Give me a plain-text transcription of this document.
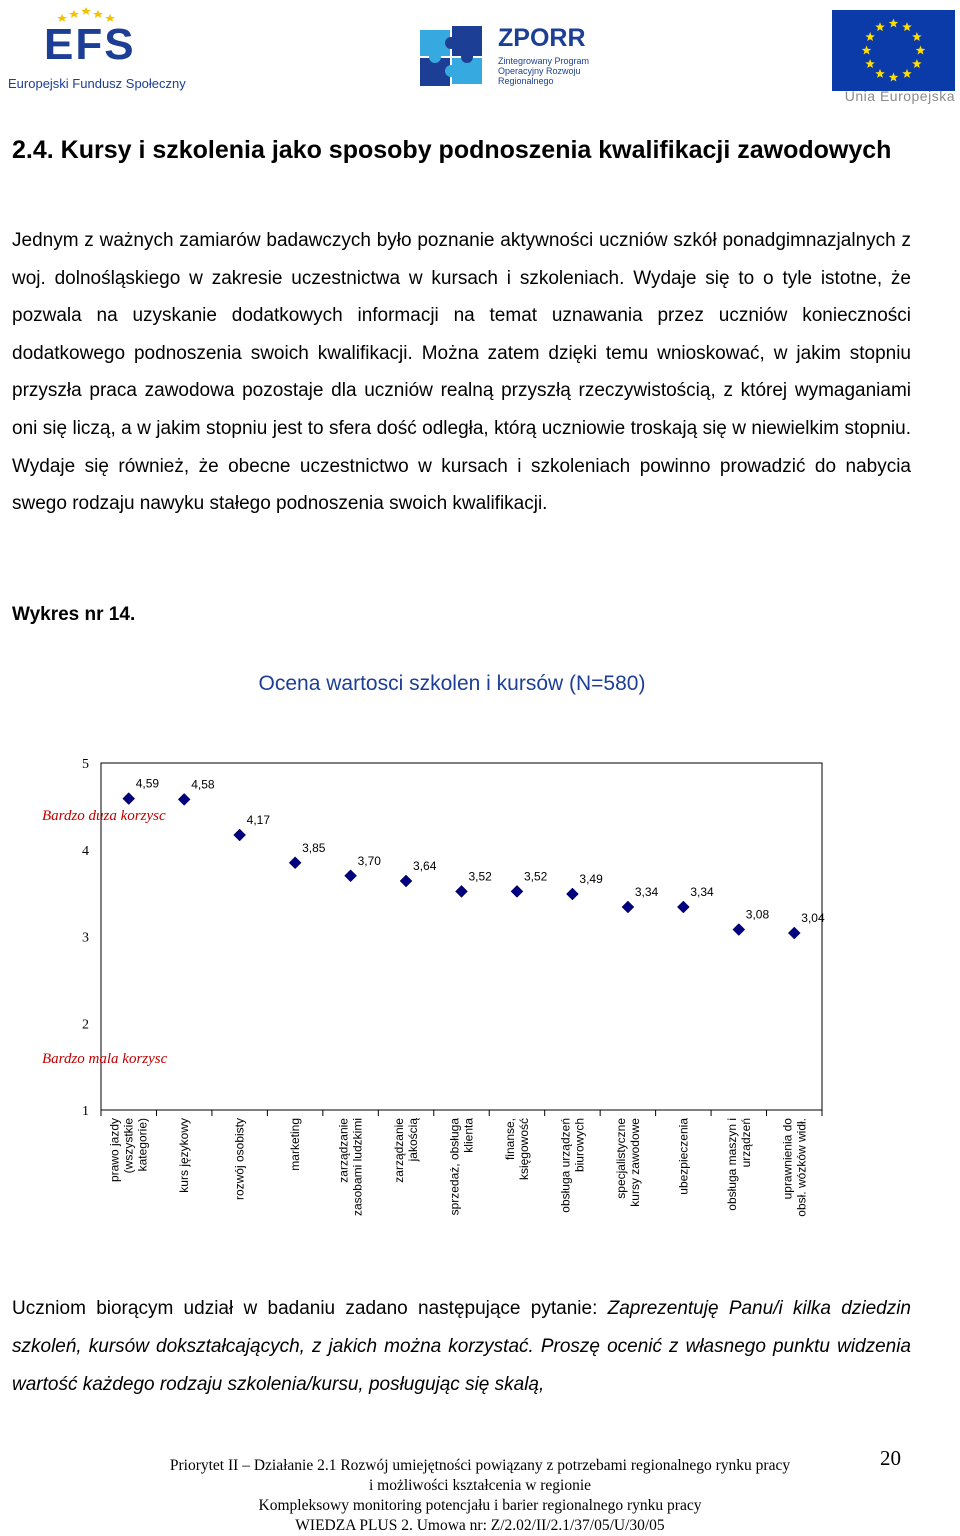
EFS
Europejski Fundusz Społeczny
ZPORR
Zintegrowany Program Operacyjny Rozwoju Regionalnego
Unia Europejska
2.4. Kursy i szkolenia jako sposoby podnoszenia kwalifikacji zawodowych
Jednym z ważnych zamiarów badawczych było poznanie aktywności uczniów szkół ponadgimnazjalnych z woj. dolnośląskiego w zakresie uczestnictwa w kursach i szkoleniach. Wydaje się to o tyle istotne, że pozwala na uzyskanie dodatkowych informacji na temat uznawania przez uczniów konieczności dodatkowego podnoszenia swoich kwalifikacji. Można zatem dzięki temu wnioskować, w jakim stopniu przyszła praca zawodowa pozostaje dla uczniów realną przyszłą rzeczywistością, z której wymaganiami oni się liczą, a w jakim stopniu jest to sfera dość odległa, którą uczniowie troskają się w niewielkim stopniu. Wydaje się również, że obecne uczestnictwo w kursach i szkoleniach powinno prowadzić do nabycia swego rodzaju nawyku stałego podnoszenia swoich kwalifikacji.
Wykres nr 14.
Ocena wartosci szkolen i kursów (N=580)
1
2
3
4
5
Bardzo duza korzysc
Bardzo mala korzysc
4,59	4,58
4,17
3,85
3,70	3,64
3,52	3,52	3,49
3,34	3,34
3,08	3,04
prawo jazdy (wszystkie kategorie) kurs językowy	rozwój osobisty	marketing	zarządzanie zasobami ludzkimi zarządzanie jakością sprzedaż, obsługa klienta finanse, księgowość obsługa urządzeń biurowych specjalistyczne kursy zawodowe	ubezpieczenia	obsługa maszyn i urządzeń uprawnienia do obsł. wózków widł.
Uczniom biorącym udział w badaniu zadano następujące pytanie: Zaprezentuję Panu/i kilka dziedzin szkoleń, kursów dokształcających, z jakich można korzystać. Proszę ocenić z własnego punktu widzenia wartość każdego rodzaju szkolenia/kursu, posługując się skalą,
Priorytet II – Działanie 2.1 Rozwój umiejętności powiązany z potrzebami regionalnego rynku pracy
i możliwości kształcenia w regionie
Kompleksowy monitoring potencjału i barier regionalnego rynku pracy
WIEDZA PLUS 2. Umowa nr: Z/2.02/II/2.1/37/05/U/30/05
20
